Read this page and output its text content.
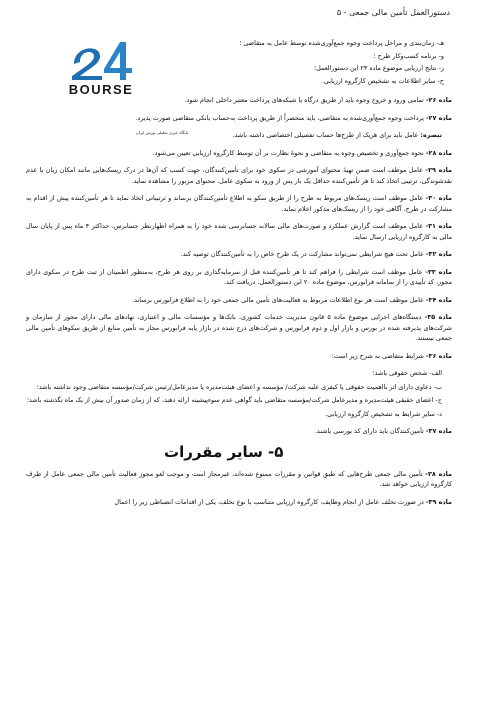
دستورالعمل تأمین مالی جمعی - ۵
BOURSE
پایگاه خبری تحلیلی بورس ایران
هـ- زمان‌بندی و مراحل پرداخت وجوه جمع‌آوری‌شده توسط عامل به متقاضی ؛
و- برنامه کسب‌وکار طرح ؛
ز- نتایج ارزیابی موضوع ماده ۲۳ این دستورالعمل؛
ح- سایر اطلاعات به تشخیص کارگروه ارزیابی.
ماده ۲۶- تمامی ورود و خروج وجوه باید از طریق درگاه یا شبکه‌های پرداخت معتبر داخلی انجام شود.
ماده ۲۷- پرداخت وجوه جمع‌آوری‌شده به متقاضی، باید منحصراً از طریق پرداخت به‌حساب بانکی متقاضی صورت پذیرد.
تبصره: عامل باید برای هریک از طرح‌ها حساب تفصیلی اختصاصی داشته باشد.
ماده ۲۸- نحوه جمع‌آوری و تخصیص وجوه به متقاضی و نحوهٔ نظارت بر آن توسط کارگروه ارزیابی تعیین می‌شود.
ماده ۲۹- عامل موظف است ضمن تهیهٔ محتوای آموزشی در سکوی خود برای تأمین‌کنندگان، جهت کسب که آن‌ها در درک ریسک‌هایی مانند امکان زیان یا عدم نقدشوندگی، ترتیبی اتخاذ کند تا هر تأمین‌کننده حداقل یک بار پس از ورود به سکوی عامل، محتوای مزبور را مشاهده نماید.
ماده ۳۰- عامل موظف است ریسک‌های مربوط به طرح را از طریق سکو به اطلاع تأمین‌کنندگان برساند و ترتیباتی اتخاذ نماید تا هر تأمین‌کننده پیش از اقدام به مشارکت در طرح، آگاهی خود را از ریسک‌های مذکور اعلام نماید.
ماده ۳۱- عامل موظف است گزارش عملکرد و صورت‌های مالی سالانه حسابرسی شده خود را به همراه اظهارنظر حسابرس، حداکثر ۴ ماه پس از پایان سال مالی به کارگروه ارزیابی ارسال نماید.
ماده ۳۲- عامل تحت هیچ شرایطی نمی‌تواند مشارکت در یک طرح خاص را به تأمین‌کنندگان توصیه کند.
ماده ۳۳- عامل موظف است شرایطی را فراهم کند تا هر تأمین‌کننده قبل از سرمایه‌گذاری بر روی هر طرح، به‌منظور اطمینان از ثبت طرح در سکوی دارای مجوز، کد تأییدی را از سامانه فرابورس، موضوع ماده ۲۰ این دستورالعمل، دریافت کند.
ماده ۳۴- عامل موظف است هر نوع اطلاعات مربوط به فعالیت‌های تأمین مالی جمعی خود را به اطلاع فرابورس برساند.
ماده ۳۵- دستگاه‌های اجرایی موضوع ماده ۵ قانون مدیریت خدمات کشوری، بانک‌ها و مؤسسات مالی و اعتباری، نهادهای مالی دارای مجوز از سازمان و شرکت‌های پذیرفته شده در بورس و بازار اول و دوم فرابورس و شرکت‌های درج شده در بازار پایه فرابورس مجاز به تأمین منابع از طریق سکوهای تأمین مالی جمعی نیستند.
ماده ۳۶- شرایط متقاضی به شرح زیر است:
الف- شخص حقوقی باشد؛
ب- دعاوی دارای اثر با‌اهمیت حقوقی یا کیفری علیه شرکت/ مؤسسه و اعضای هیئت‌مدیره یا مدیرعامل/رئیس شرکت/مؤسسه متقاضی وجود نداشته باشد؛
ج- اعضای حقیقی هیئت‌مدیره و مدیرعامل شرکت/مؤسسه متقاضی باید گواهی عدم سوءپیشینه ارائه دهند، که از زمان صدور آن بیش از یک ماه نگذشته باشد؛
د- سایر شرایط به تشخیص کارگروه ارزیابی.
ماده ۳۷- تأمین‌کنندگان باید دارای کد بورسی باشند.
۵- سایر مقررات
ماده ۳۸- تأمین مالی جمعی طرح‌هایی که طبق قوانین و مقررات ممنوع شده‌اند، غیرمجاز است و موجب لغو مجوز فعالیت تأمین مالی جمعی عامل از طرف کارگروه ارزیابی خواهد شد.
ماده ۳۹- در صورت تخلف عامل از انجام وظایف، کارگروه ارزیابی متناسب با نوع تخلف، یکی از اقدامات انضباطی زیر را اعمال
